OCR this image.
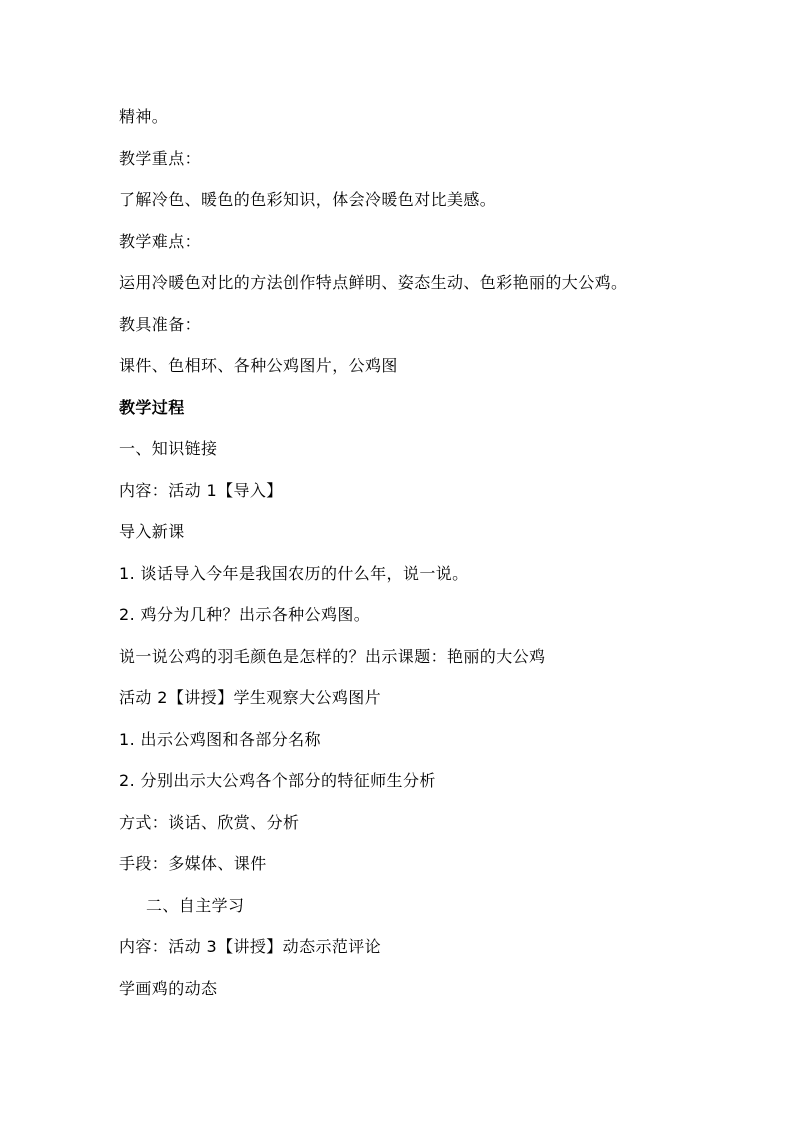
精神。
教学重点：
了解冷色、暖色的色彩知识，体会冷暖色对比美感。
教学难点：
运用冷暖色对比的方法创作特点鲜明、姿态生动、色彩艳丽的大公鸡。
教具准备：
课件、色相环、各种公鸡图片，公鸡图
教学过程
一、知识链接
内容：活动 1【导入】
导入新课
1. 谈话导入今年是我国农历的什么年，说一说。
2. 鸡分为几种？出示各种公鸡图。
说一说公鸡的羽毛颜色是怎样的？出示课题：艳丽的大公鸡
活动 2【讲授】学生观察大公鸡图片
1. 出示公鸡图和各部分名称
2. 分别出示大公鸡各个部分的特征师生分析
方式：谈话、欣赏、分析
手段：多媒体、课件
二、自主学习
内容：活动 3【讲授】动态示范评论
学画鸡的动态
